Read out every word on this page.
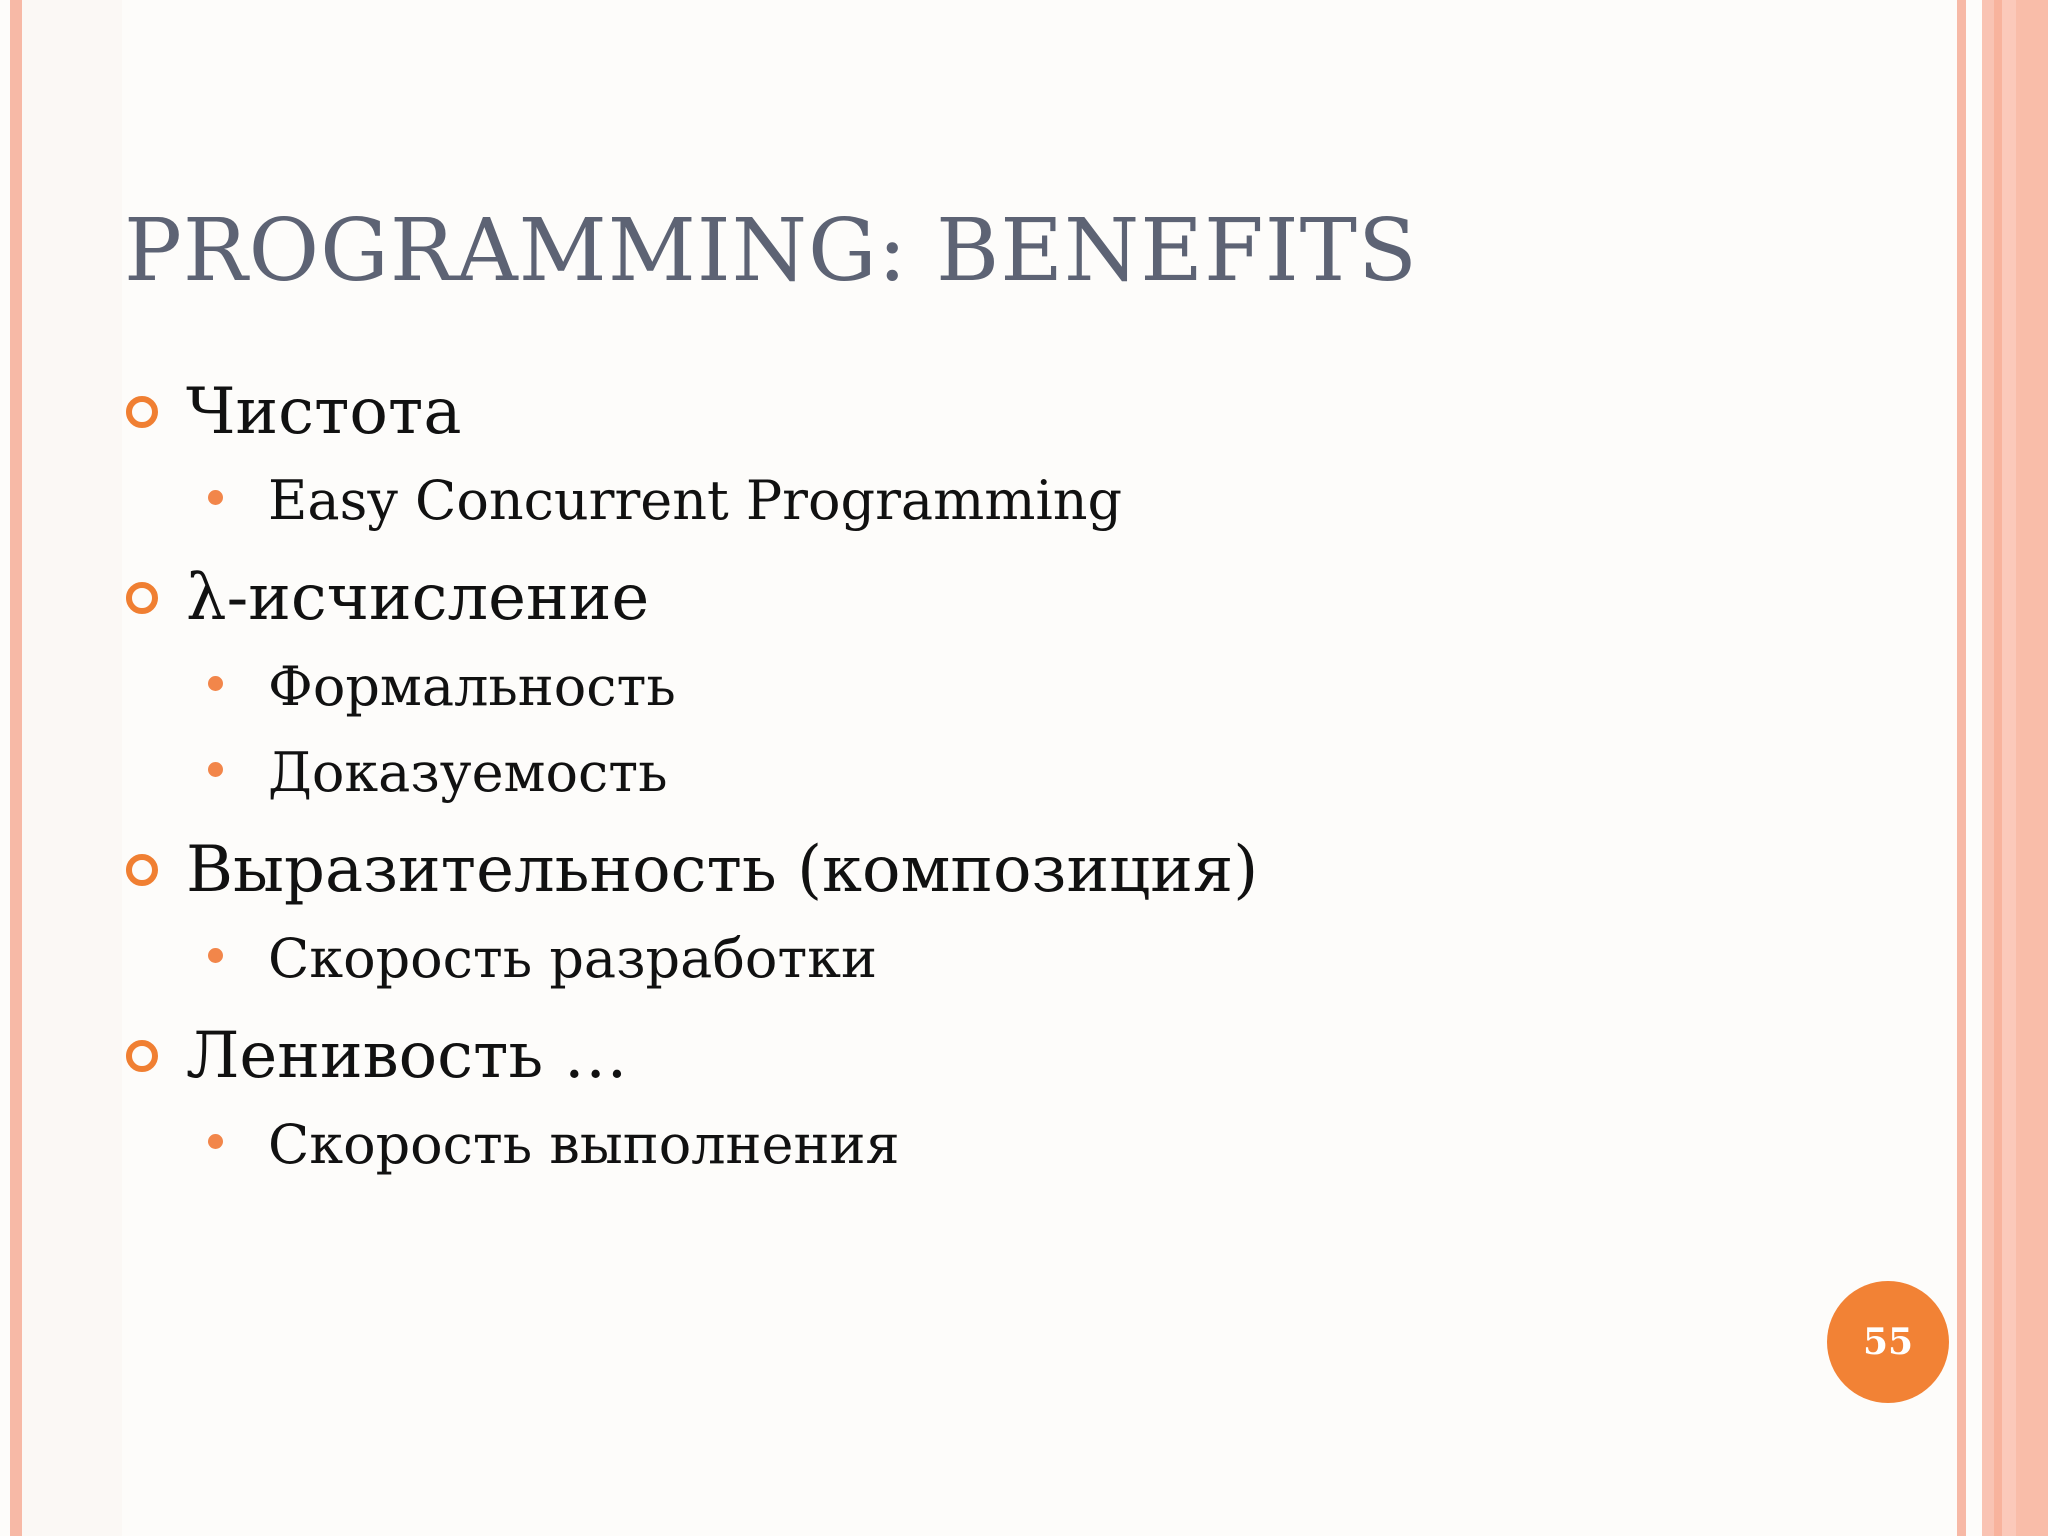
PROGRAMMING: BENEFITS
Чистота
Easy Concurrent Programming
λ-исчисление
Формальность
Доказуемость
Выразительность (композиция)
Скорость разработки
Ленивость …
Скорость выполнения
55
